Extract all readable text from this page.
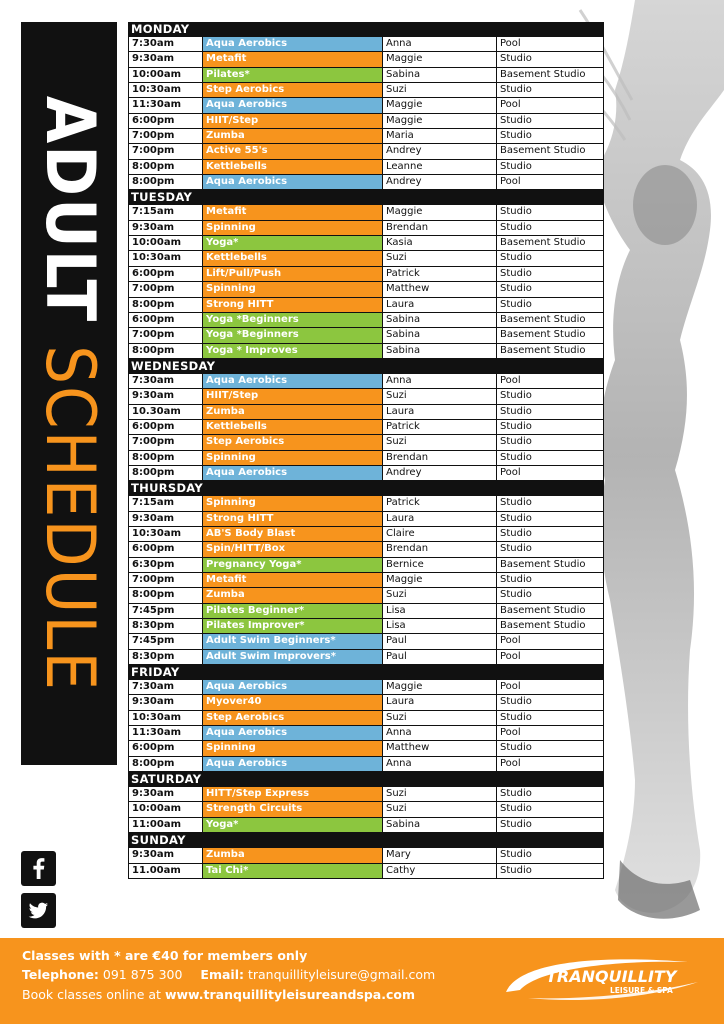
ADULTSCHEDULE
MONDAY
7:30am	Aqua Aerobics	Anna	Pool
9:30am	Metafit	Maggie	Studio
10:00am	Pilates*	Sabina	Basement Studio
10:30am	Step Aerobics	Suzi	Studio
11:30am	Aqua Aerobics	Maggie	Pool
6:00pm	HIIT/Step	Maggie	Studio
7:00pm	Zumba	Maria	Studio
7:00pm	Active 55's	Andrey	Basement Studio
8:00pm	Kettlebells	Leanne	Studio
8:00pm	Aqua Aerobics	Andrey	Pool
TUESDAY
7:15am	Metafit	Maggie	Studio
9:30am	Spinning	Brendan	Studio
10:00am	Yoga*	Kasia	Basement Studio
10:30am	Kettlebells	Suzi	Studio
6:00pm	Lift/Pull/Push	Patrick	Studio
7:00pm	Spinning	Matthew	Studio
8:00pm	Strong HITT	Laura	Studio
6:00pm	Yoga *Beginners	Sabina	Basement Studio
7:00pm	Yoga *Beginners	Sabina	Basement Studio
8:00pm	Yoga * Improves	Sabina	Basement Studio
WEDNESDAY
7:30am	Aqua Aerobics	Anna	Pool
9:30am	HIIT/Step	Suzi	Studio
10.30am	Zumba	Laura	Studio
6:00pm	Kettlebells	Patrick	Studio
7:00pm	Step Aerobics	Suzi	Studio
8:00pm	Spinning	Brendan	Studio
8:00pm	Aqua Aerobics	Andrey	Pool
THURSDAY
7:15am	Spinning	Patrick	Studio
9:30am	Strong HITT	Laura	Studio
10:30am	AB'S Body Blast	Claire	Studio
6:00pm	Spin/HITT/Box	Brendan	Studio
6:30pm	Pregnancy Yoga*	Bernice	Basement Studio
7:00pm	Metafit	Maggie	Studio
8:00pm	Zumba	Suzi	Studio
7:45pm	Pilates Beginner*	Lisa	Basement Studio
8:30pm	Pilates Improver*	Lisa	Basement Studio
7:45pm	Adult Swim Beginners*	Paul	Pool
8:30pm	Adult Swim Improvers*	Paul	Pool
FRIDAY
7:30am	Aqua Aerobics	Maggie	Pool
9:30am	Myover40	Laura	Studio
10:30am	Step Aerobics	Suzi	Studio
11:30am	Aqua Aerobics	Anna	Pool
6:00pm	Spinning	Matthew	Studio
8:00pm	Aqua Aerobics	Anna	Pool
SATURDAY
9:30am	HITT/Step Express	Suzi	Studio
10:00am	Strength Circuits	Suzi	Studio
11:00am	Yoga*	Sabina	Studio
SUNDAY
9:30am	Zumba	Mary	Studio
11.00am	Tai Chi*	Cathy	Studio
Classes with * are €40 for members only
Telephone: 091 875 300 Email: tranquillityleisure@gmail.com
Book classes online at www.tranquillityleisureandspa.com
TRANQUILLITY
LEISURE & SPA
